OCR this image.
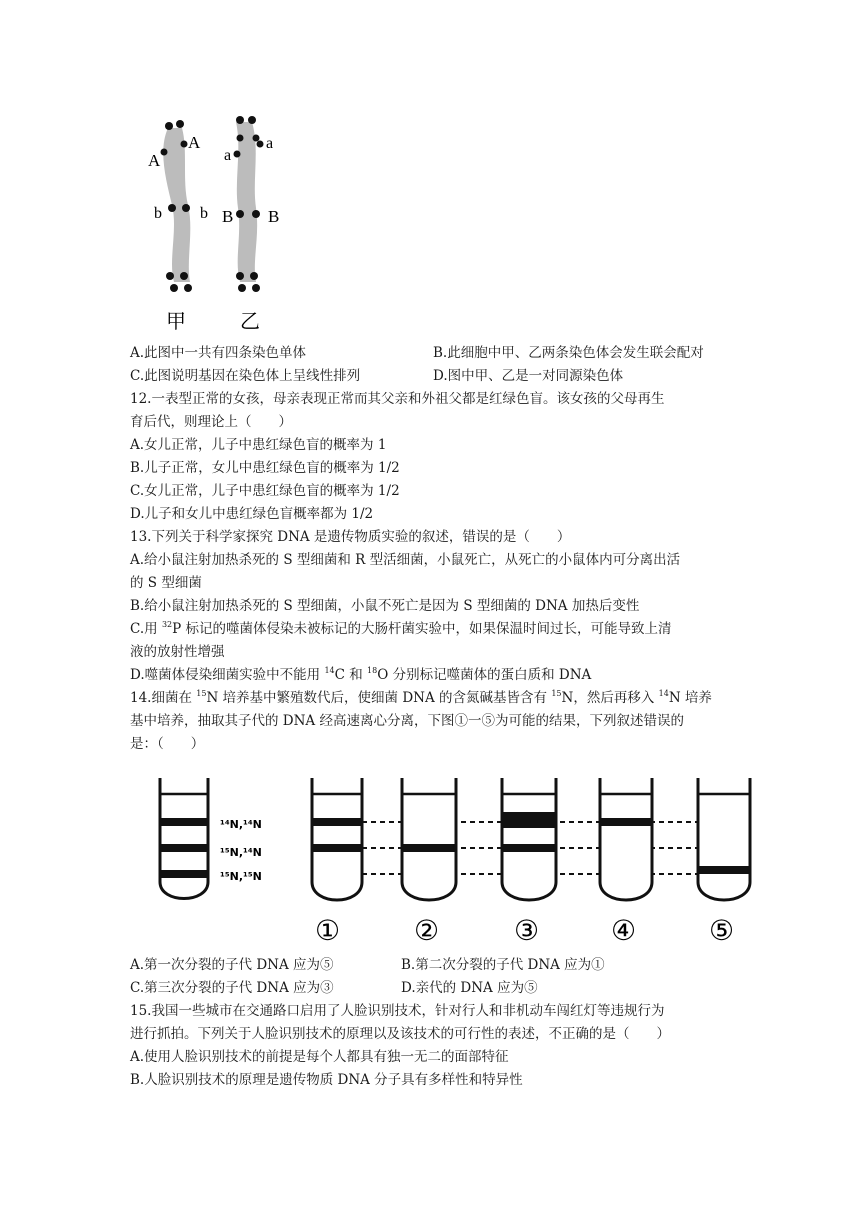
A
A
b b
a
a
B B
甲	乙
A.此图中一共有四条染色单体	B.此细胞中甲、乙两条染色体会发生联会配对
C.此图说明基因在染色体上呈线性排列	D.图中甲、乙是一对同源染色体
12.一表型正常的女孩，母亲表现正常而其父亲和外祖父都是红绿色盲。该女孩的父母再生
育后代，则理论上（　　）
A.女儿正常，儿子中患红绿色盲的概率为 1
B.儿子正常，女儿中患红绿色盲的概率为 1/2
C.女儿正常，儿子中患红绿色盲的概率为 1/2
D.儿子和女儿中患红绿色盲概率都为 1/2
13.下列关于科学家探究 DNA 是遗传物质实验的叙述，错误的是（　　）
A.给小鼠注射加热杀死的 S 型细菌和 R 型活细菌，小鼠死亡，从死亡的小鼠体内可分离出活
的 S 型细菌
B.给小鼠注射加热杀死的 S 型细菌，小鼠不死亡是因为 S 型细菌的 DNA 加热后变性
C.用 $^{32}$P 标记的噬菌体侵染未被标记的大肠杆菌实验中，如果保温时间过长，可能导致上清
液的放射性增强
D.噬菌体侵染细菌实验中不能用 $^{14}$C 和 $^{18}$O 分别标记噬菌体的蛋白质和 DNA
14.细菌在 $^{15}$N 培养基中繁殖数代后，使细菌 DNA 的含氮碱基皆含有 $^{15}$N，然后再移入 $^{14}$N 培养
基中培养，抽取其子代的 DNA 经高速离心分离，下图①一⑤为可能的结果，下列叙述错误的
是：（　　）
¹⁴N,¹⁴N
¹⁵N,¹⁴N
¹⁵N,¹⁵N
①	②	③	④	⑤
A.第一次分裂的子代 DNA 应为⑤	B.第二次分裂的子代 DNA 应为①
C.第三次分裂的子代 DNA 应为③	D.亲代的 DNA 应为⑤
15.我国一些城市在交通路口启用了人脸识别技术，针对行人和非机动车闯红灯等违规行为
进行抓拍。下列关于人脸识别技术的原理以及该技术的可行性的表述，不正确的是（　　）
A.使用人脸识别技术的前提是每个人都具有独一无二的面部特征
B.人脸识别技术的原理是遗传物质 DNA 分子具有多样性和特异性
